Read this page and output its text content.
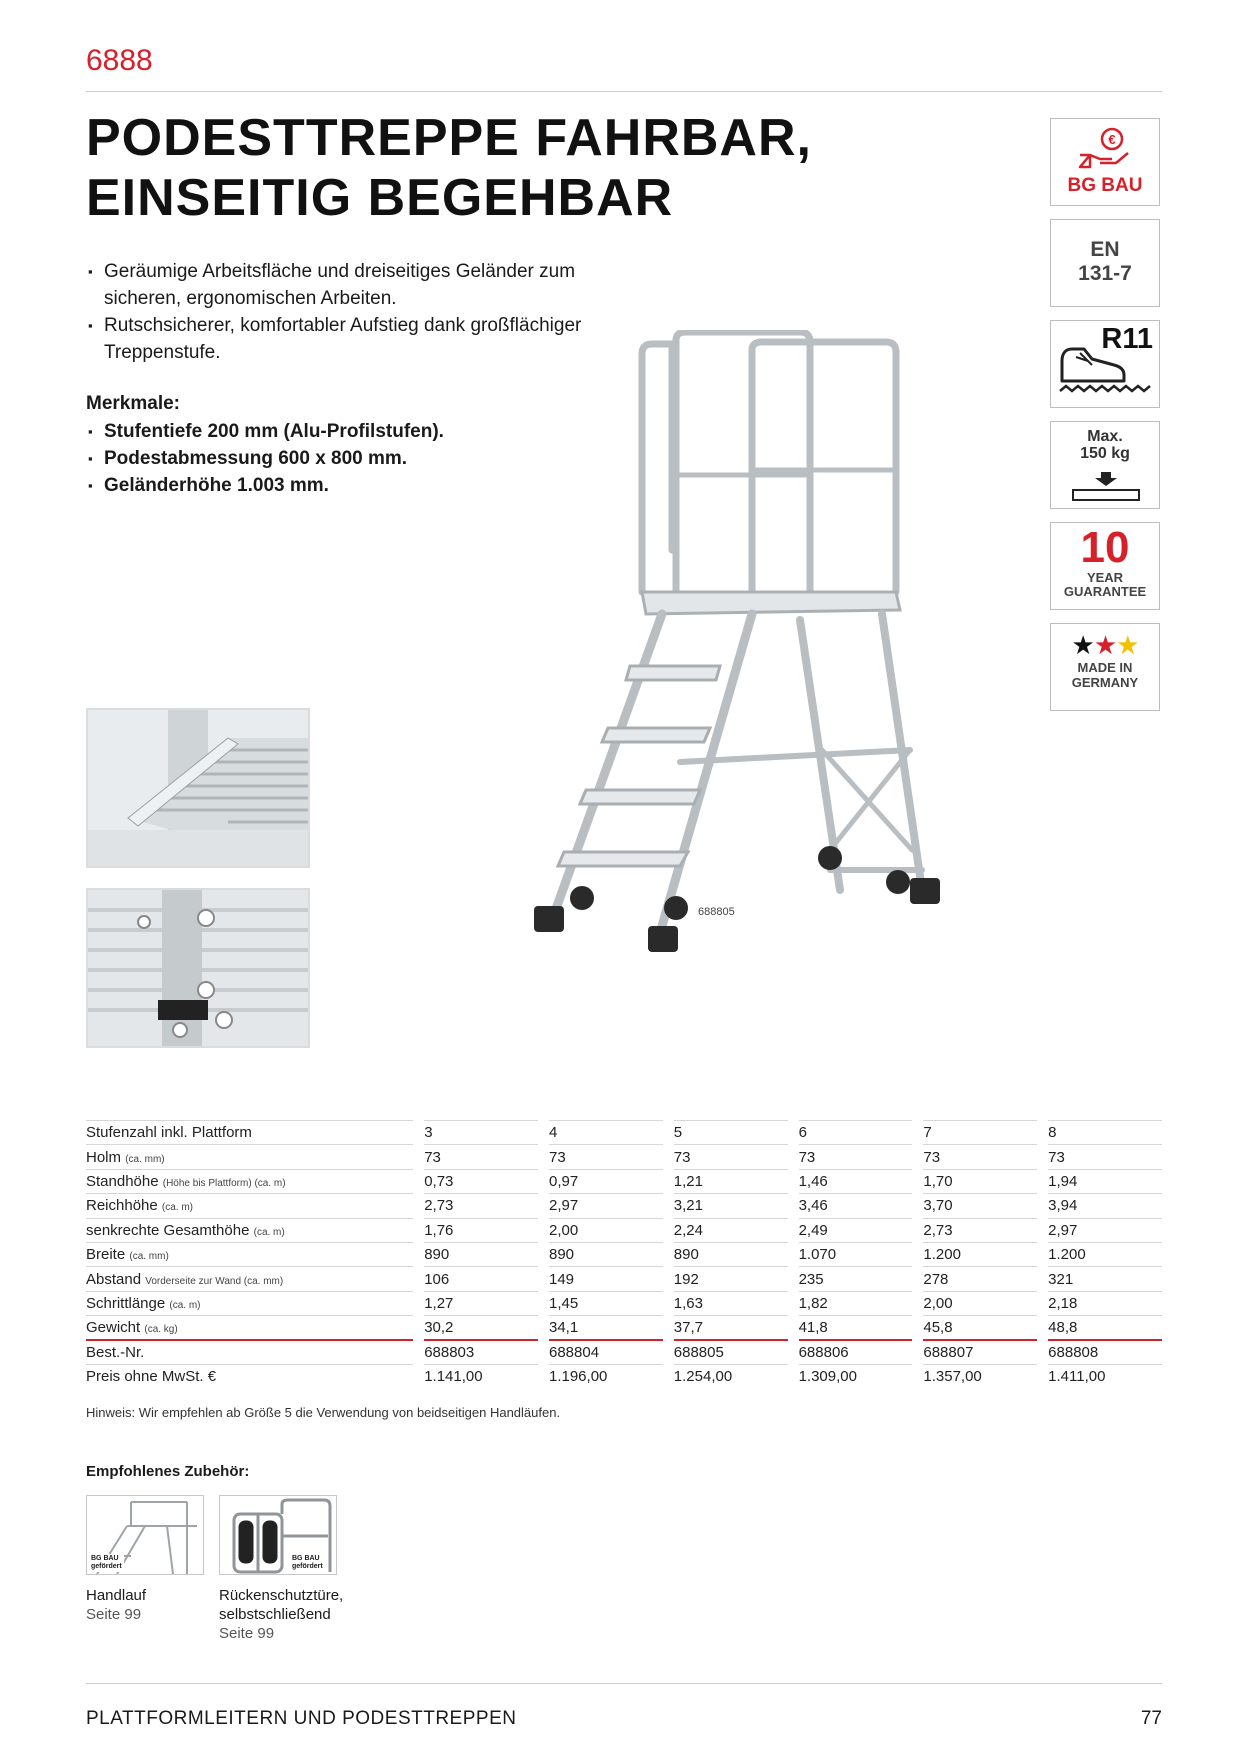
6888
PODESTTREPPE FAHRBAR,
EINSEITIG BEGEHBAR
▪ Geräumige Arbeitsfläche und dreiseitiges Geländer zum sicheren, ergonomischen Arbeiten.
▪ Rutschsicherer, komfortabler Aufstieg dank großflächiger Treppenstufe.
Merkmale:
▪ Stufentiefe 200 mm (Alu-Profilstufen).
▪ Podestabmessung 600 x 800 mm.
▪ Geländerhöhe 1.003 mm.
€
BG BAU
EN
131-7
R11
Max.
150 kg
10
YEAR
GUARANTEE
★★★
MADE IN
GERMANY
688805
Stufenzahl inkl. Plattform		3		4		5		6		7		8
Holm (ca. mm)		73		73		73		73		73		73
Standhöhe (Höhe bis Plattform) (ca. m)		0,73		0,97		1,21		1,46		1,70		1,94
Reichhöhe (ca. m)		2,73		2,97		3,21		3,46		3,70		3,94
senkrechte Gesamthöhe (ca. m)		1,76		2,00		2,24		2,49		2,73		2,97
Breite (ca. mm)		890		890		890		1.070		1.200		1.200
Abstand Vorderseite zur Wand (ca. mm)		106		149		192		235		278		321
Schrittlänge (ca. m)		1,27		1,45		1,63		1,82		2,00		2,18
Gewicht (ca. kg)		30,2		34,1		37,7		41,8		45,8		48,8
Best.-Nr.		688803		688804		688805		688806		688807		688808
Preis ohne MwSt. €		1.141,00		1.196,00		1.254,00		1.309,00		1.357,00		1.411,00
Hinweis: Wir empfehlen ab Größe 5 die Verwendung von beidseitigen Handläufen.
Empfohlenes Zubehör:
BG BAU
gefördert
Handlauf
Seite 99
BG BAU
gefördert
Rückenschutztüre,
selbstschließend
Seite 99
PLATTFORMLEITERN UND PODESTTREPPEN	77
